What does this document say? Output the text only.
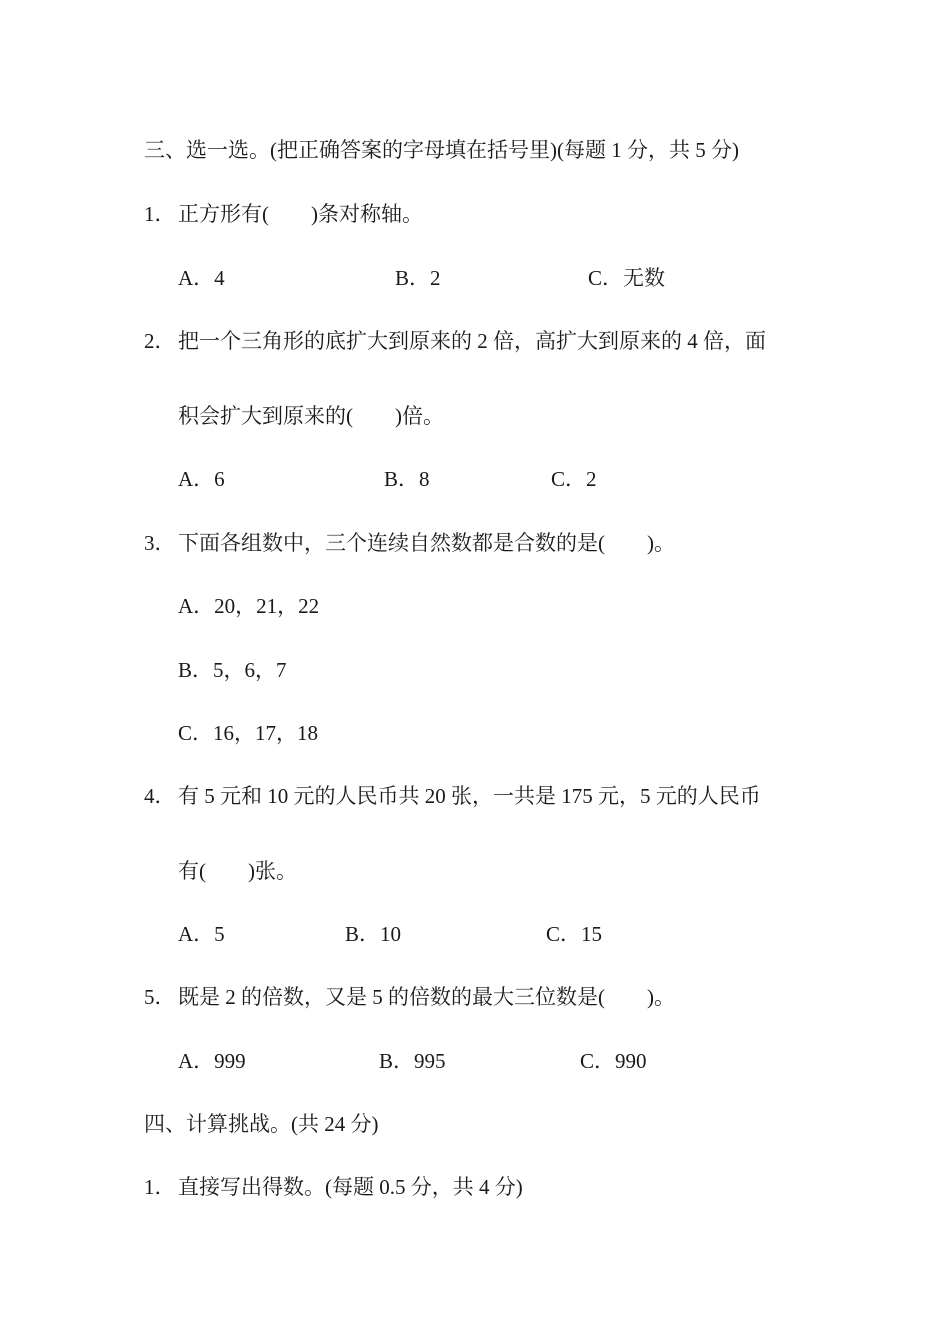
三、选一选。(把正确答案的字母填在括号里)(每题 1 分，共 5 分)
1． 正方形有(　　)条对称轴。
A．4	B．2	C．无数
2． 把一个三角形的底扩大到原来的 2 倍，高扩大到原来的 4 倍，面
积会扩大到原来的(　　)倍。
A．6	B．8	C．2
3． 下面各组数中，三个连续自然数都是合数的是(　　)。
A．20，21，22
B．5，6，7
C．16，17，18
4． 有 5 元和 10 元的人民币共 20 张，一共是 175 元，5 元的人民币
有(　　)张。
A．5	B．10	C．15
5． 既是 2 的倍数，又是 5 的倍数的最大三位数是(　　)。
A．999	B．995	C．990
四、计算挑战。(共 24 分)
1． 直接写出得数。(每题 0.5 分，共 4 分)
